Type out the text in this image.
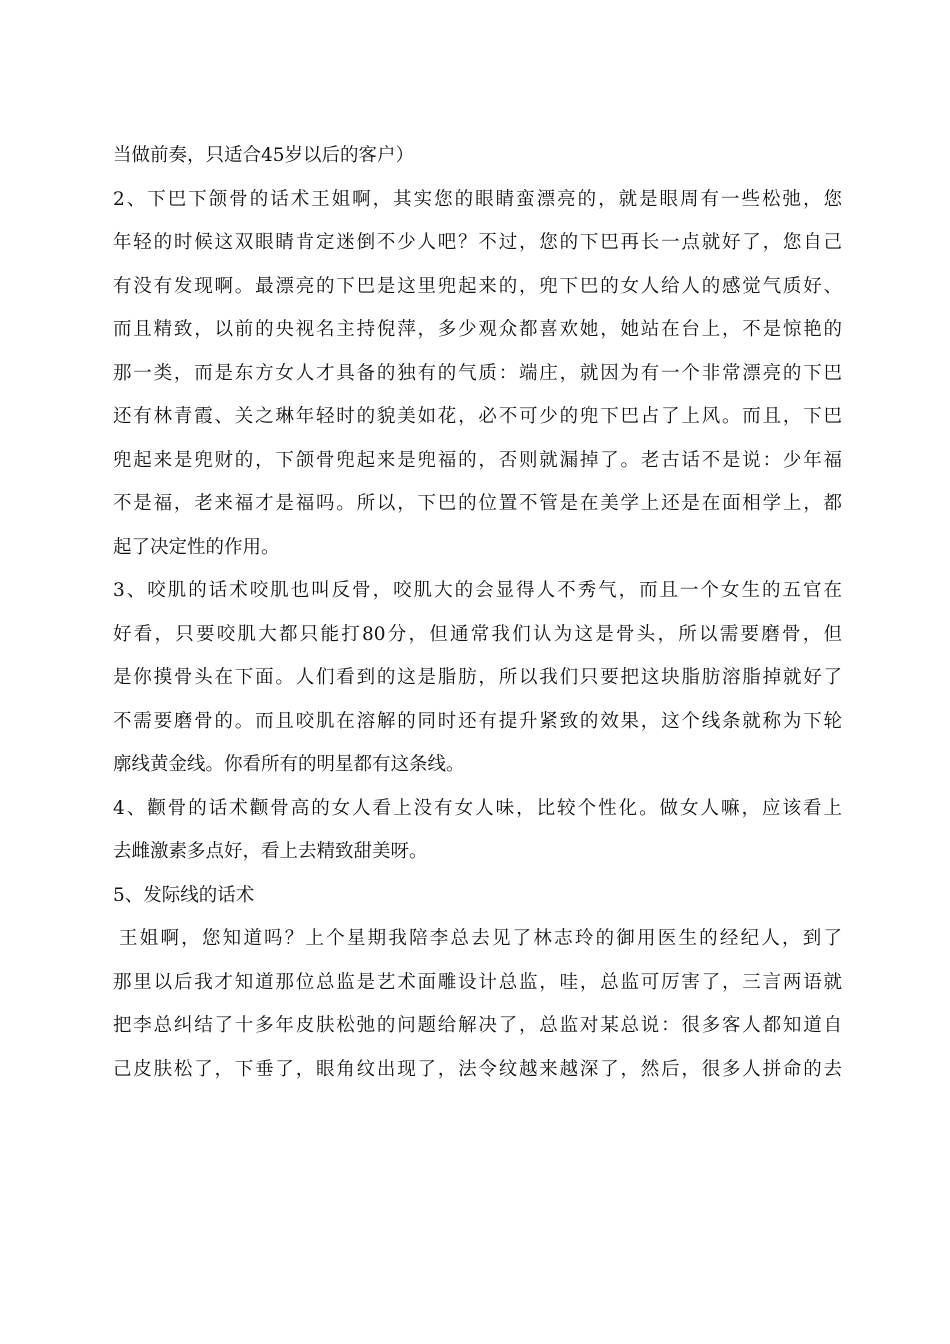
当做前奏，只适合45岁以后的客户）
2、下巴下颌骨的话术王姐啊，其实您的眼睛蛮漂亮的，就是眼周有一些松弛，您
年轻的时候这双眼睛肯定迷倒不少人吧？不过，您的下巴再长一点就好了，您自己
有没有发现啊。最漂亮的下巴是这里兜起来的，兜下巴的女人给人的感觉气质好、
而且精致，以前的央视名主持倪萍，多少观众都喜欢她，她站在台上，不是惊艳的
那一类，而是东方女人才具备的独有的气质：端庄，就因为有一个非常漂亮的下巴
还有林青霞、关之琳年轻时的貌美如花，必不可少的兜下巴占了上风。而且，下巴
兜起来是兜财的，下颌骨兜起来是兜福的，否则就漏掉了。老古话不是说：少年福
不是福，老来福才是福吗。所以，下巴的位置不管是在美学上还是在面相学上，都
起了决定性的作用。
3、咬肌的话术咬肌也叫反骨，咬肌大的会显得人不秀气，而且一个女生的五官在
好看，只要咬肌大都只能打80分，但通常我们认为这是骨头，所以需要磨骨，但
是你摸骨头在下面。人们看到的这是脂肪，所以我们只要把这块脂肪溶脂掉就好了
不需要磨骨的。而且咬肌在溶解的同时还有提升紧致的效果，这个线条就称为下轮
廓线黄金线。你看所有的明星都有这条线。
4、颧骨的话术颧骨高的女人看上没有女人味，比较个性化。做女人嘛，应该看上
去雌激素多点好，看上去精致甜美呀。
5、发际线的话术
王姐啊，您知道吗？上个星期我陪李总去见了林志玲的御用医生的经纪人，到了
那里以后我才知道那位总监是艺术面雕设计总监，哇，总监可厉害了，三言两语就
把李总纠结了十多年皮肤松弛的问题给解决了，总监对某总说：很多客人都知道自
己皮肤松了，下垂了，眼角纹出现了，法令纹越来越深了，然后，很多人拼命的去
